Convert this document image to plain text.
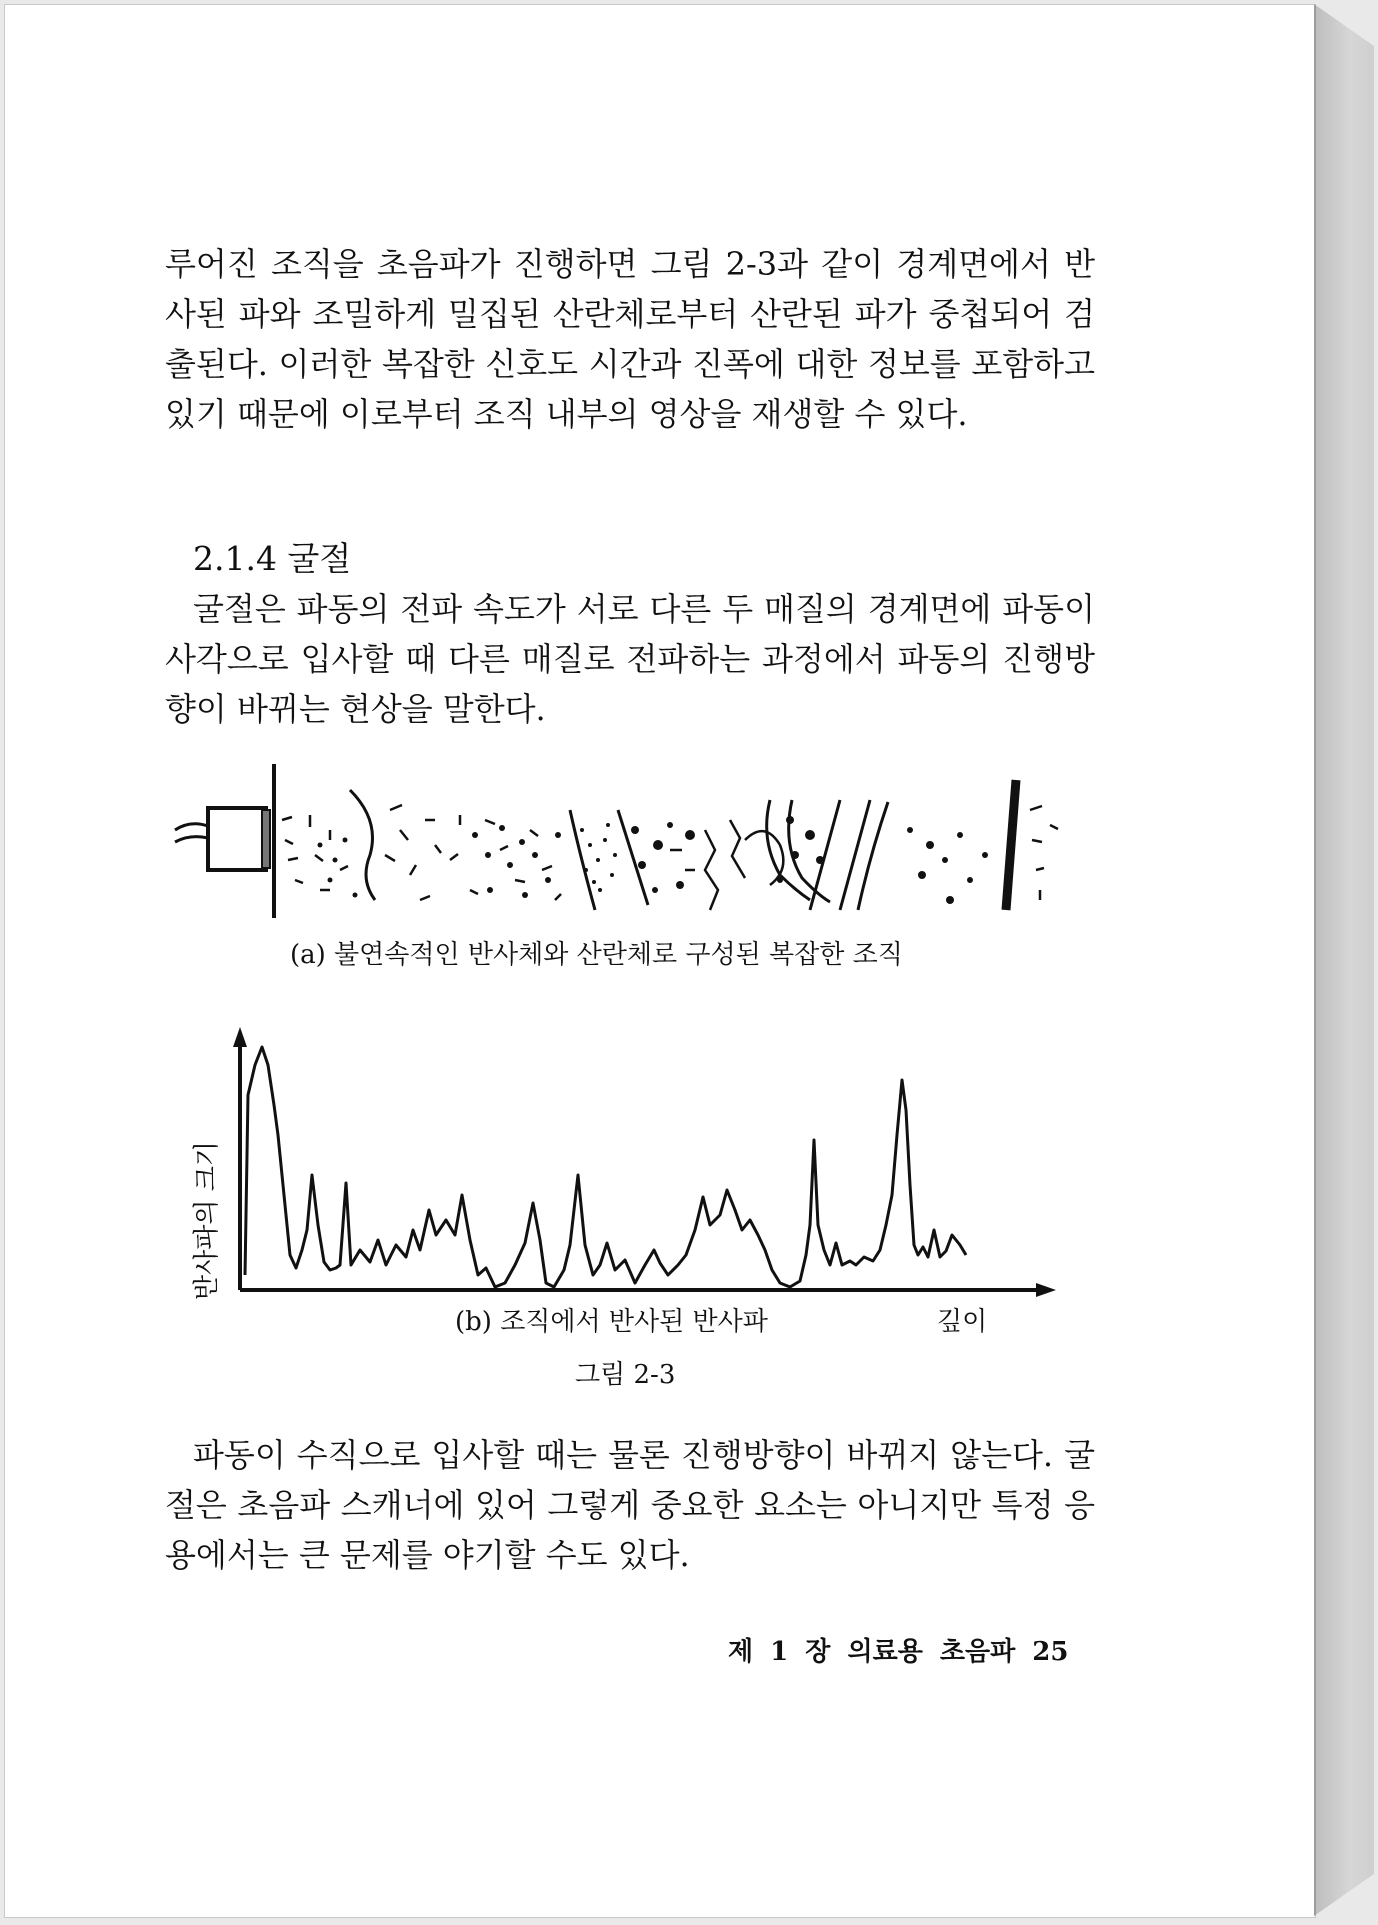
루어진 조직을 초음파가 진행하면 그림 2-3과 같이 경계면에서 반사된 파와 조밀하게 밀집된 산란체로부터 산란된 파가 중첩되어 검출된다. 이러한 복잡한 신호도 시간과 진폭에 대한 정보를 포함하고 있기 때문에 이로부터 조직 내부의 영상을 재생할 수 있다.

2.1.4 굴절

굴절은 파동의 전파 속도가 서로 다른 두 매질의 경계면에 파동이 사각으로 입사할 때 다른 매질로 전파하는 과정에서 파동의 진행방향이 바뀌는 현상을 말한다.

(a) 불연속적인 반사체와 산란체로 구성된 복잡한 조직
반사파의 크기
(b) 조직에서 반사된 반사파	깊이
그림 2-3

파동이 수직으로 입사할 때는 물론 진행방향이 바뀌지 않는다. 굴절은 초음파 스캐너에 있어 그렇게 중요한 요소는 아니지만 특정 응용에서는 큰 문제를 야기할 수도 있다.

제 1 장 의료용 초음파 25
